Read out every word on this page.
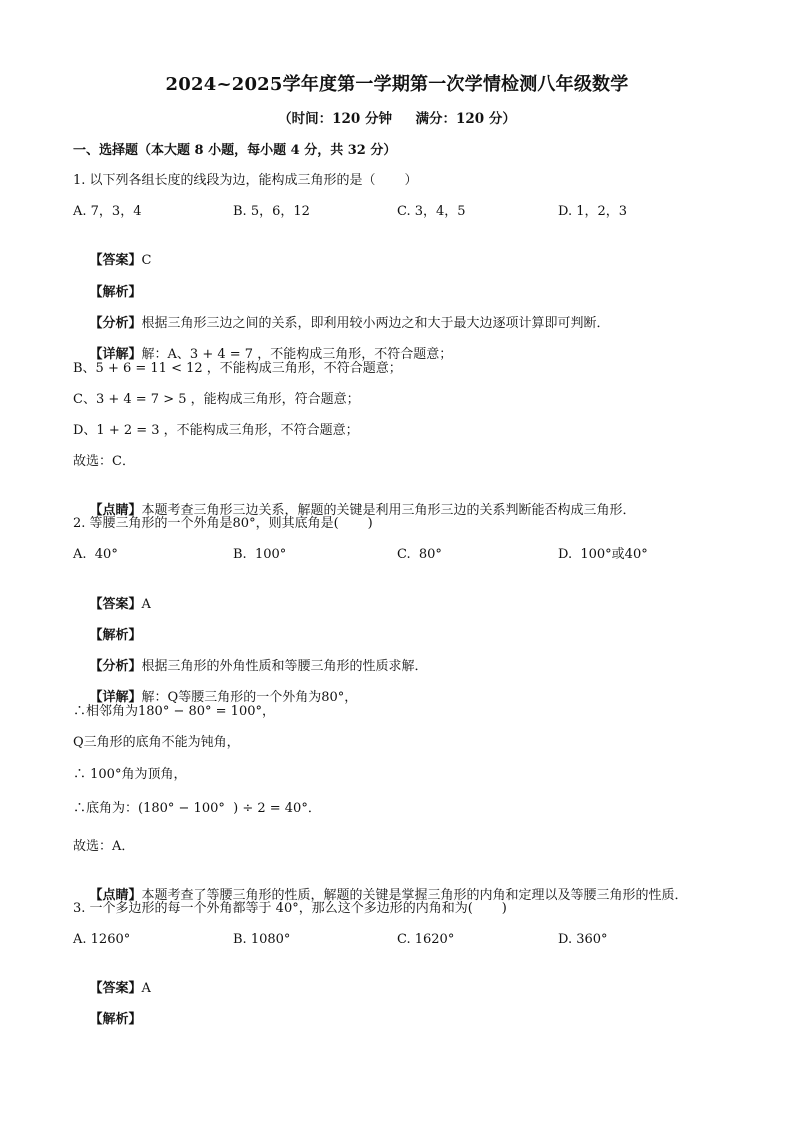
2024~2025学年度第一学期第一次学情检测八年级数学
（时间：120 分钟     满分：120 分）
一、选择题（本大题 8 小题，每小题 4 分，共 32 分）
1. 以下列各组长度的线段为边，能构成三角形的是（       ）
A. 7，3，4	B. 5，6，12	C. 3，4，5	D. 1，2，3

【答案】C

【解析】

【分析】根据三角形三边之间的关系，即利用较小两边之和大于最大边逐项计算即可判断．

【详解】解：A、3 + 4 = 7 ，不能构成三角形，不符合题意；

B、5 + 6 = 11 < 12 ，不能构成三角形，不符合题意；
C、3 + 4 = 7 > 5 ，能构成三角形，符合题意；
D、1 + 2 = 3 ，不能构成三角形，不符合题意；
故选：C．

【点睛】本题考查三角形三边关系，解题的关键是利用三角形三边的关系判断能否构成三角形．

2. 等腰三角形的一个外角是80°，则其底角是(       )
A.  40°	B.  100°	C.  80°	D.  100°或40°

【答案】A

【解析】

【分析】根据三角形的外角性质和等腰三角形的性质求解．

【详解】解：Q等腰三角形的一个外角为80°，

∴相邻角为180° − 80° = 100°，
Q三角形的底角不能为钝角，
∴ 100°角为顶角，
∴底角为：(180° − 100°  ) ÷ 2 = 40°．
故选：A．

【点睛】本题考查了等腰三角形的性质，解题的关键是掌握三角形的内角和定理以及等腰三角形的性质．

3. 一个多边形的每一个外角都等于 40°，那么这个多边形的内角和为(       )
A. 1260°	B. 1080°	C. 1620°	D. 360°

【答案】A

【解析】
